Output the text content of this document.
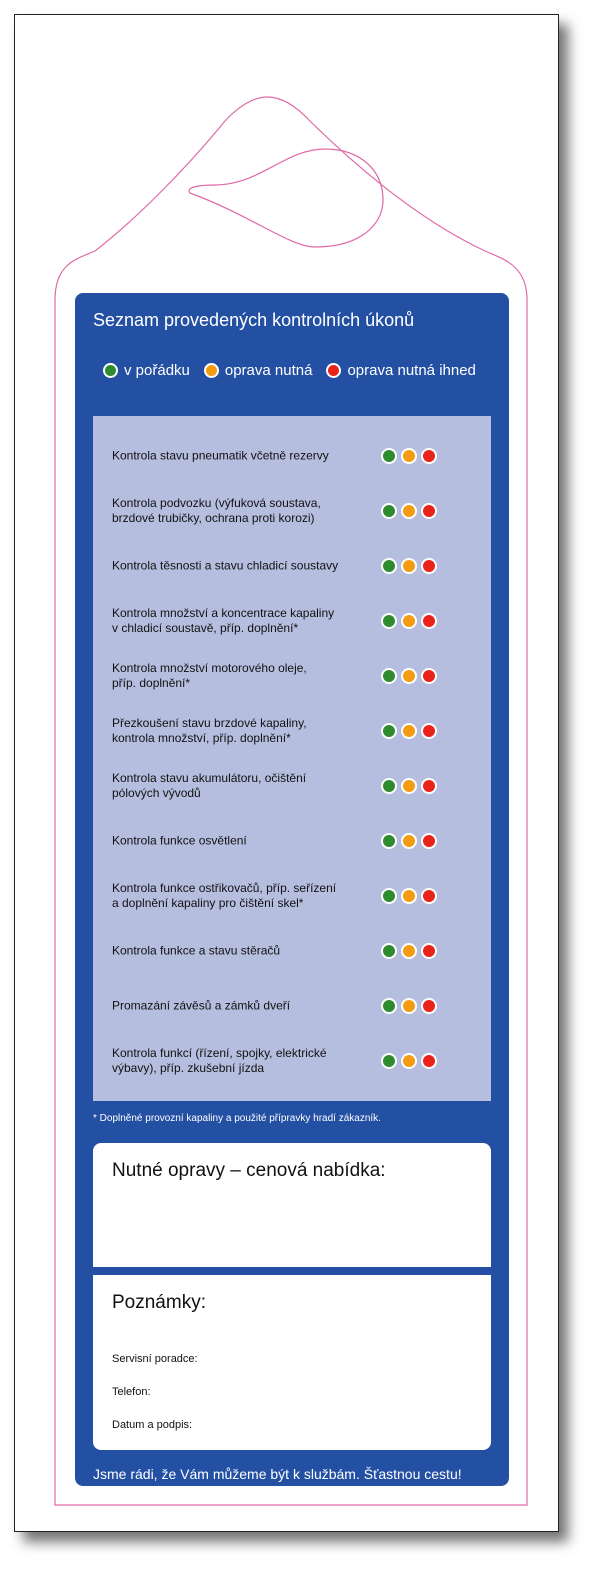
Seznam provedených kontrolních úkonů
v pořádku oprava nutná oprava nutná ihned
Kontrola stavu pneumatik včetně rezervy
Kontrola podvozku (výfuková soustava,
brzdové trubičky, ochrana proti korozi)
Kontrola těsnosti a stavu chladicí soustavy
Kontrola množství a koncentrace kapaliny
v chladicí soustavě, příp. doplnění*
Kontrola množství motorového oleje,
příp. doplnění*
Přezkoušení stavu brzdové kapaliny,
kontrola množství, příp. doplnění*
Kontrola stavu akumulátoru, očištění
pólových vývodů
Kontrola funkce osvětlení
Kontrola funkce ostřikovačů, příp. seřízení
a doplnění kapaliny pro čištění skel*
Kontrola funkce a stavu stěračů
Promazání závěsů a zámků dveří
Kontrola funkcí (řízení, spojky, elektrické
výbavy), příp. zkušební jízda
* Doplněné provozní kapaliny a použité přípravky hradí zákazník.
Nutné opravy – cenová nabídka:
Poznámky:
Servisní poradce:
Telefon:
Datum a podpis:
Jsme rádi, že Vám můžeme být k službám. Šťastnou cestu!
